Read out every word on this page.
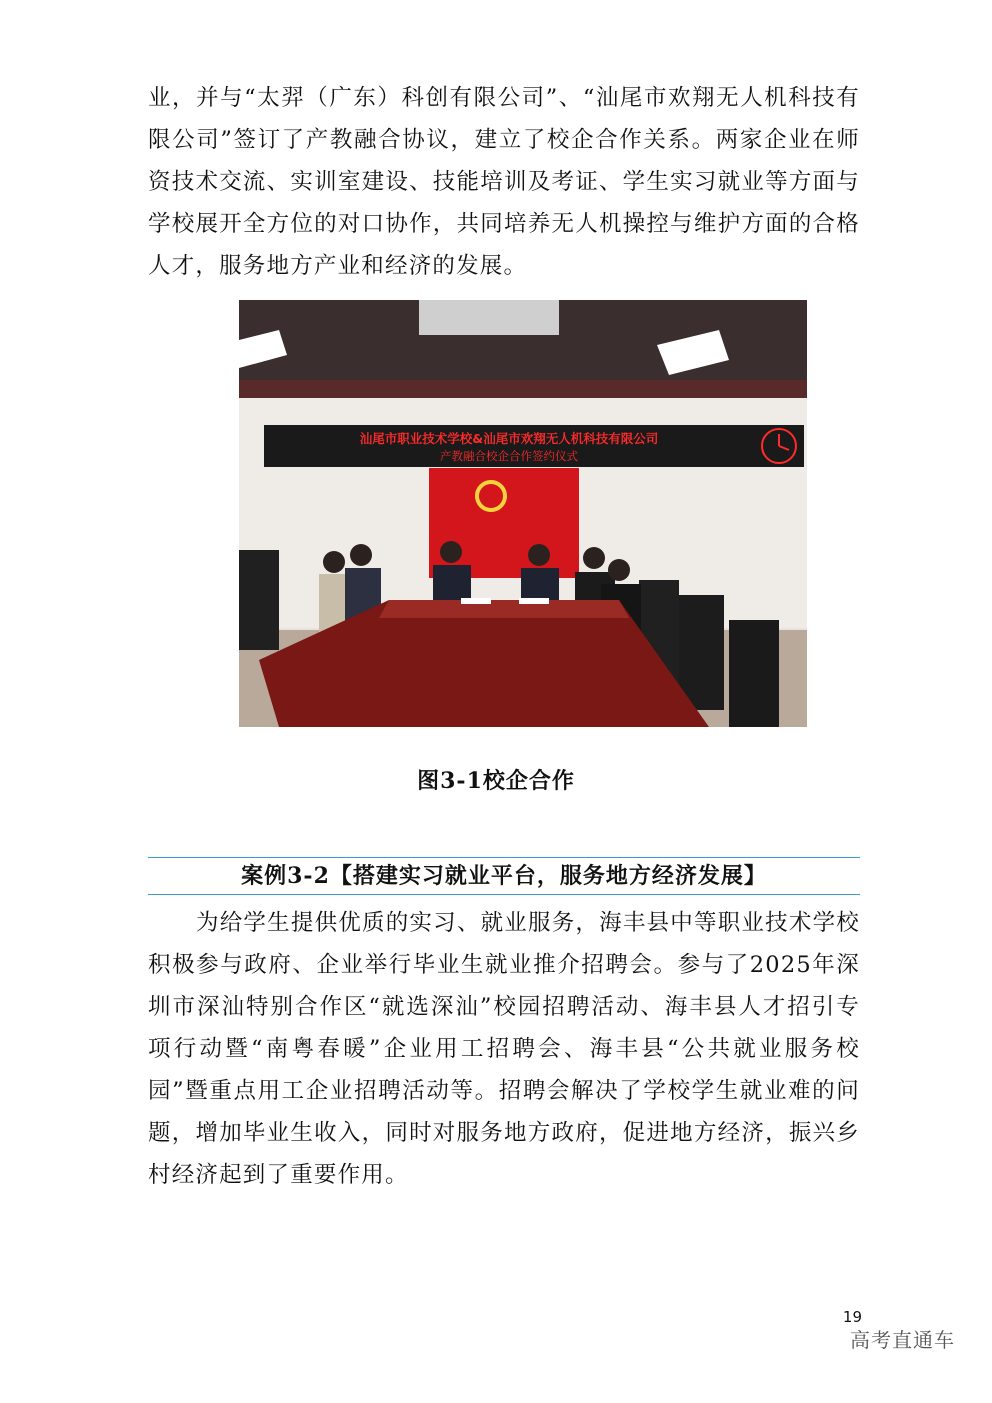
业，并与“太羿（广东）科创有限公司”、“汕尾市欢翔无人机科技有限公司”签订了产教融合协议，建立了校企合作关系。两家企业在师资技术交流、实训室建设、技能培训及考证、学生实习就业等方面与学校展开全方位的对口协作，共同培养无人机操控与维护方面的合格人才，服务地方产业和经济的发展。

汕尾市职业技术学校&汕尾市欢翔无人机科技有限公司
产教融合校企合作签约仪式

图3-1校企合作

案例3-2【搭建实习就业平台，服务地方经济发展】

为给学生提供优质的实习、就业服务，海丰县中等职业技术学校积极参与政府、企业举行毕业生就业推介招聘会。参与了2025年深圳市深汕特别合作区“就选深汕”校园招聘活动、海丰县人才招引专项行动暨“南粤春暖”企业用工招聘会、海丰县“公共就业服务校园”暨重点用工企业招聘活动等。招聘会解决了学校学生就业难的问题，增加毕业生收入，同时对服务地方政府，促进地方经济，振兴乡村经济起到了重要作用。

19
高考直通车
